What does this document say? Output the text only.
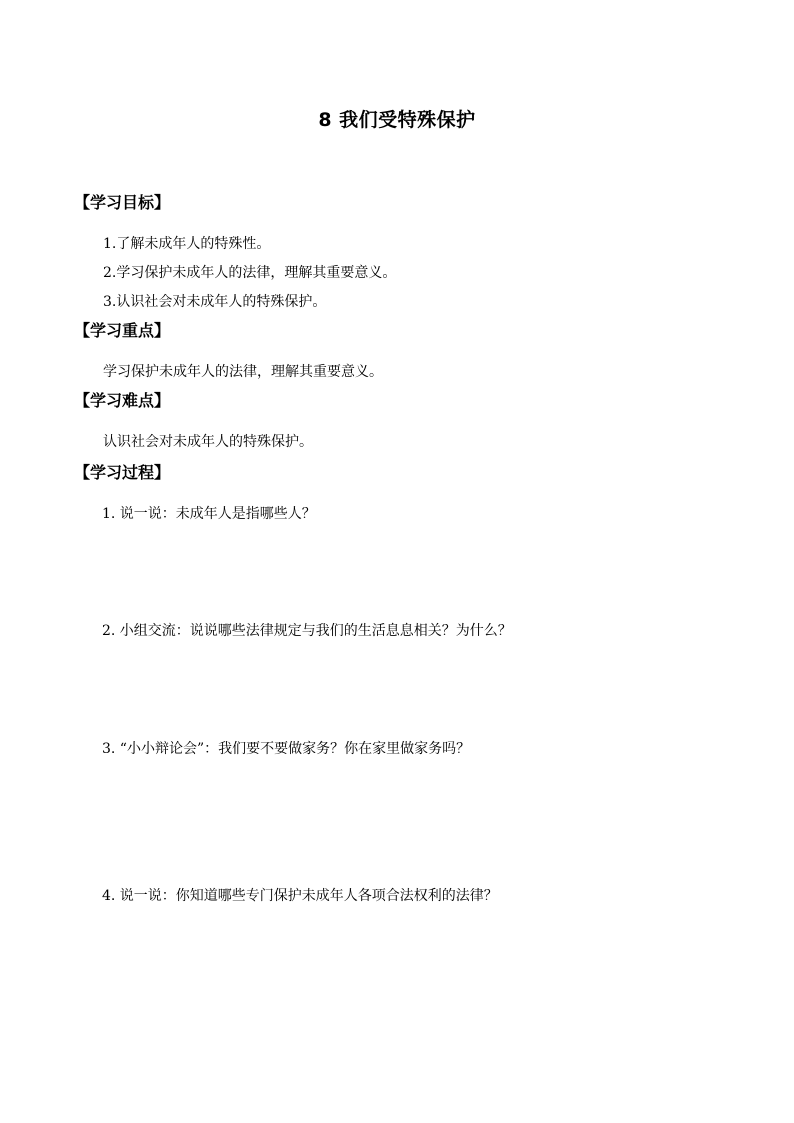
8 我们受特殊保护
【学习目标】
1.了解未成年人的特殊性。
2.学习保护未成年人的法律，理解其重要意义。
3.认识社会对未成年人的特殊保护。
【学习重点】
学习保护未成年人的法律，理解其重要意义。
【学习难点】
认识社会对未成年人的特殊保护。
【学习过程】
1. 说一说：未成年人是指哪些人？
2. 小组交流：说说哪些法律规定与我们的生活息息相关？为什么？
3. “小小辩论会”：我们要不要做家务？你在家里做家务吗？
4. 说一说：你知道哪些专门保护未成年人各项合法权利的法律？
